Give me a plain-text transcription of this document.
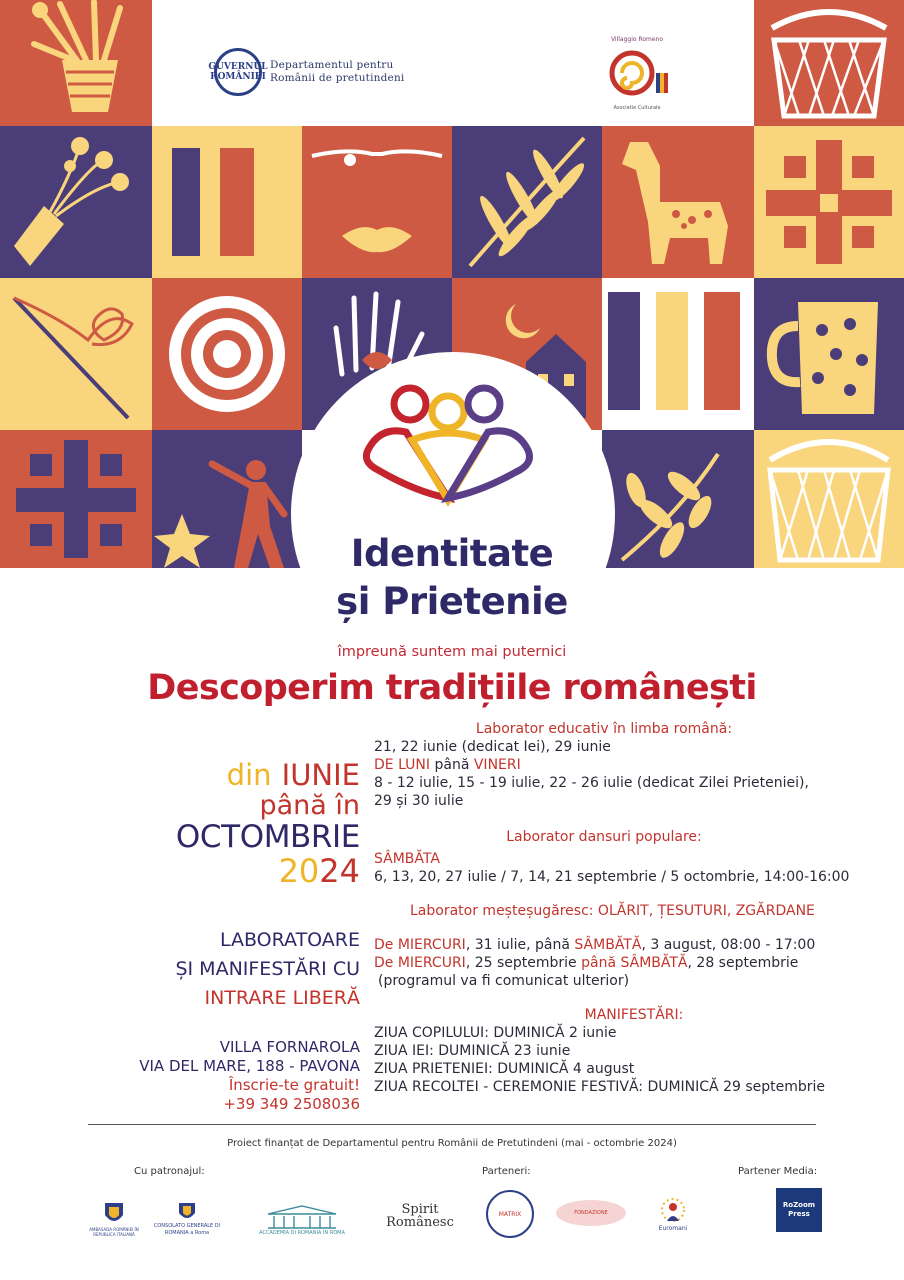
GUVERNUL ROMÂNIEI
Departamentul pentru
Românii de pretutindeni
Villaggio Romeno
Asociatie Culturale
Identitate
și Prietenie
împreună suntem mai puternici
Descoperim tradițiile românești
din IUNIE
până în
OCTOMBRIE
2024
LABORATOARE
ȘI MANIFESTĂRI CU
INTRARE LIBERĂ
VILLA FORNAROLA
VIA DEL MARE, 188 - PAVONA
Înscrie-te gratuit!
+39 349 2508036

Laborator educativ în limba română:

21, 22 iunie (dedicat Iei), 29 iunie

DE LUNI până VINERI

8 - 12 iulie, 15 - 19 iulie, 22 - 26 iulie (dedicat Zilei Prieteniei),

29 și 30 iulie

Laborator dansuri populare:

SÂMBĂTA

6, 13, 20, 27 iulie / 7, 14, 21 septembrie / 5 octombrie, 14:00-16:00

Laborator meșteșugăresc: OLĂRIT, ȚESUTURI, ZGĂRDANE

De MIERCURI, 31 iulie, până SÂMBĂTĂ, 3 august, 08:00 - 17:00

De MIERCURI, 25 septembrie până SÂMBĂTĂ, 28 septembrie

(programul va fi comunicat ulterior)

MANIFESTĂRI:

ZIUA COPILULUI: DUMINICĂ 2 iunie

ZIUA IEI: DUMINICĂ 23 iunie

ZIUA PRIETENIEI: DUMINICĂ 4 august

ZIUA RECOLTEI - CEREMONIE FESTIVĂ: DUMINICĂ 29 septembrie

Proiect finanțat de Departamentul pentru Românii de Pretutindeni (mai - octombrie 2024)
Cu patronajul:	Parteneri:	Partener Media:
AMBASADA ROMÂNIEI ÎN REPUBLICA ITALIANĂ
CONSOLATO GENERALE DI ROMANIA a Roma	ACCADEMIA DI ROMANIA IN ROMA
Spirit
Românesc
MATRIX	FONDAZIONE
Euromani
RoZoom
Press
